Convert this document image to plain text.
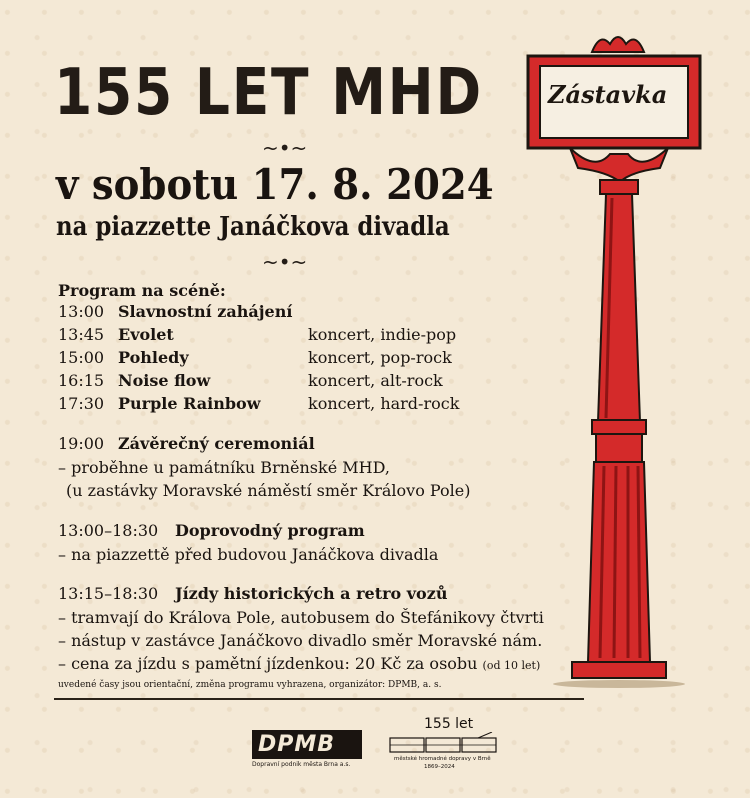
155 LET MHD
~•~
v sobotu 17. 8. 2024
na piazzette Janáčkova divadla
~•~
Program na scéně:
13:00 Slavnostní zahájení
13:45 Evolet	koncert, indie-pop
15:00 Pohledy	koncert, pop-rock
16:15 Noise flow	koncert, alt-rock
17:30 Purple Rainbow	koncert, hard-rock
19:00 Závěrečný ceremoniál
– proběhne u památníku Brněnské MHD,
(u zastávky Moravské náměstí směr Královo Pole)
13:00–18:30 Doprovodný program
– na piazzettě před budovou Janáčkova divadla
13:15–18:30 Jízdy historických a retro vozů
– tramvají do Králova Pole, autobusem do Štefánikovy čtvrti
– nástup v zastávce Janáčkovo divadlo směr Moravské nám.
– cena za jízdu s pamětní jízdenkou: 20 Kč za osobu (od 10 let)
uvedené časy jsou orientační, změna programu vyhrazena, organizátor: DPMB, a. s.
Zástavka
DPMB
Dopravní podnik města Brna a.s.
155 let
městské hromadné dopravy v Brně
1869–2024
